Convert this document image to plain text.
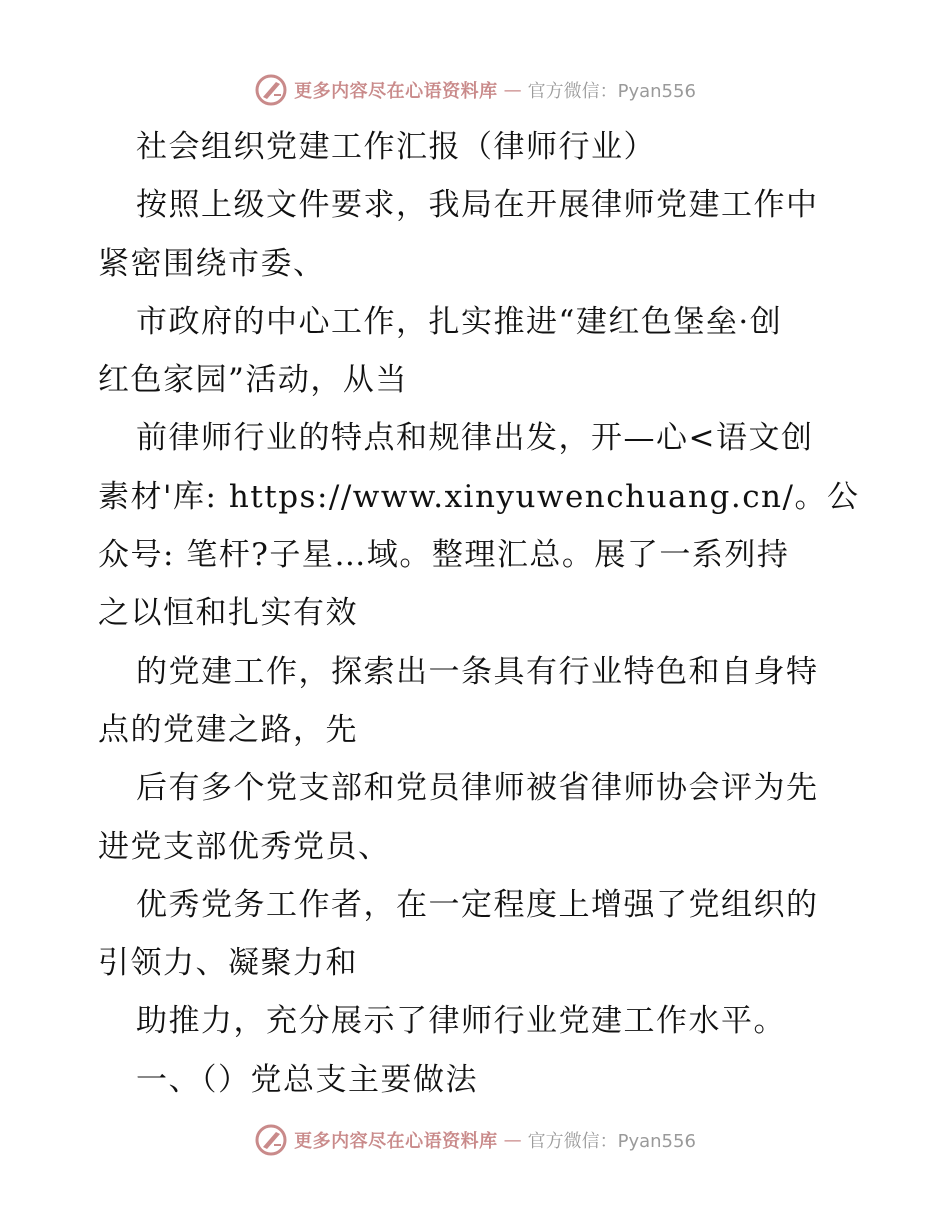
更多内容尽在心语资料库 — 官方微信：Pyan556
社会组织党建工作汇报（律师行业）
按照上级文件要求，我局在开展律师党建工作中
紧密围绕市委、
市政府的中心工作，扎实推进“建红色堡垒·创
红色家园”活动，从当
前律师行业的特点和规律出发，开—心<语文创
素材'库: https://www.xinyuwenchuang.cn/。公
众号: 笔杆?子星…域。整理汇总。展了一系列持
之以恒和扎实有效
的党建工作，探索出一条具有行业特色和自身特
点的党建之路，先
后有多个党支部和党员律师被省律师协会评为先
进党支部优秀党员、
优秀党务工作者，在一定程度上增强了党组织的
引领力、凝聚力和
助推力，充分展示了律师行业党建工作水平。
一、（）党总支主要做法
更多内容尽在心语资料库 — 官方微信：Pyan556
